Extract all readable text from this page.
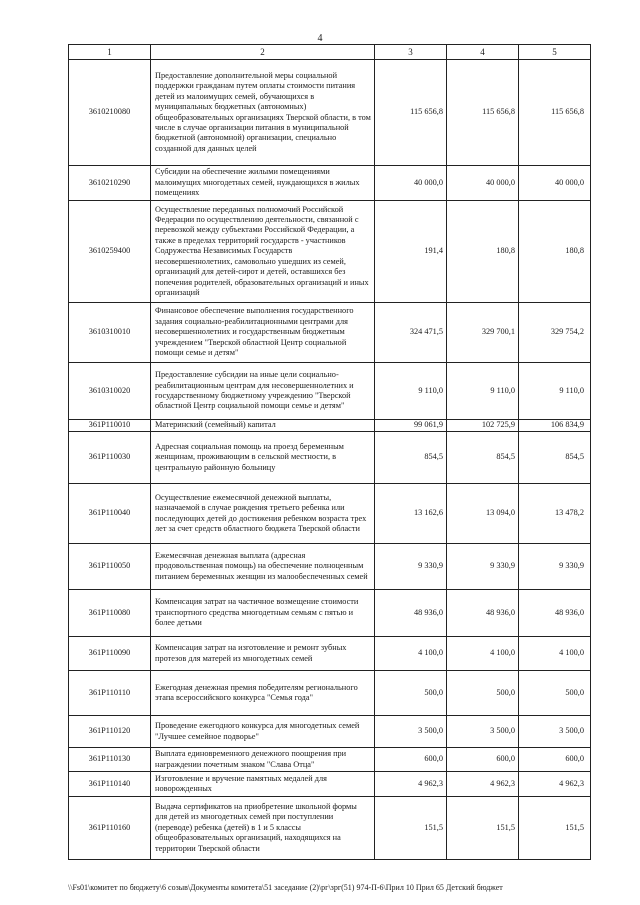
4
1	2	3	4	5
3610210080	Предоставление дополнительной меры социальной поддержки гражданам путем оплаты стоимости питания детей из малоимущих семей, обучающихся в муниципальных бюджетных (автономных) общеобразовательных организациях Тверской области, в том числе в случае организации питания в муниципальной бюджетной (автономной) организации, специально созданной для данных целей	115 656,8	115 656,8	115 656,8
3610210290	Субсидии на обеспечение жилыми помещениями малоимущих многодетных семей, нуждающихся в жилых помещениях	40 000,0	40 000,0	40 000,0
3610259400	Осуществление переданных полномочий Российской Федерации по осуществлению деятельности, связанной с перевозкой между субъектами Российской Федерации, а также в пределах территорий государств - участников Содружества Независимых Государств несовершеннолетних, самовольно ушедших из семей, организаций для детей-сирот и детей, оставшихся без попечения родителей, образовательных организаций и иных организаций	191,4	180,8	180,8
3610310010	Финансовое обеспечение выполнения государственного задания социально-реабилитационными центрами для несовершеннолетних и государственным бюджетным учреждением "Тверской областной Центр социальной помощи семье и детям"	324 471,5	329 700,1	329 754,2
3610310020	Предоставление субсидии на иные цели социально-реабилитационным центрам для несовершеннолетних и государственному бюджетному учреждению "Тверской областной Центр социальной помощи семье и детям"	9 110,0	9 110,0	9 110,0
361P110010	Материнский (семейный) капитал	99 061,9	102 725,9	106 834,9
361P110030	Адресная социальная помощь на проезд беременным женщинам, проживающим в сельской местности, в центральную районную больницу	854,5	854,5	854,5
361P110040	Осуществление ежемесячной денежной выплаты, назначаемой в случае рождения третьего ребенка или последующих детей до достижения ребенком возраста трех лет за счет средств областного бюджета Тверской области	13 162,6	13 094,0	13 478,2
361P110050	Ежемесячная денежная выплата (адресная продовольственная помощь) на обеспечение полноценным питанием беременных женщин из малообеспеченных семей	9 330,9	9 330,9	9 330,9
361P110080	Компенсация затрат на частичное возмещение стоимости транспортного средства многодетным семьям с пятью и более детьми	48 936,0	48 936,0	48 936,0
361P110090	Компенсация затрат на изготовление и ремонт зубных протезов для матерей из многодетных семей	4 100,0	4 100,0	4 100,0
361P110110	Ежегодная денежная премия победителям регионального этапа всероссийского конкурса "Семья года"	500,0	500,0	500,0
361P110120	Проведение ежегодного конкурса для многодетных семей "Лучшее семейное подворье"	3 500,0	3 500,0	3 500,0
361P110130	Выплата единовременного денежного поощрения при награждении почетным знаком "Слава Отца"	600,0	600,0	600,0
361P110140	Изготовление и вручение памятных медалей для новорожденных	4 962,3	4 962,3	4 962,3
361P110160	Выдача сертификатов на приобретение школьной формы для детей из многодетных семей при поступлении (переводе) ребенка (детей) в 1 и 5 классы общеобразовательных организаций, находящихся на территории Тверской области	151,5	151,5	151,5
\\Fs01\комитет по бюджету\6 созыв\Документы комитета\51 заседание (2)\рг\зрг(51) 974-П-6\Прил 10 Прил 65 Детский бюджет
